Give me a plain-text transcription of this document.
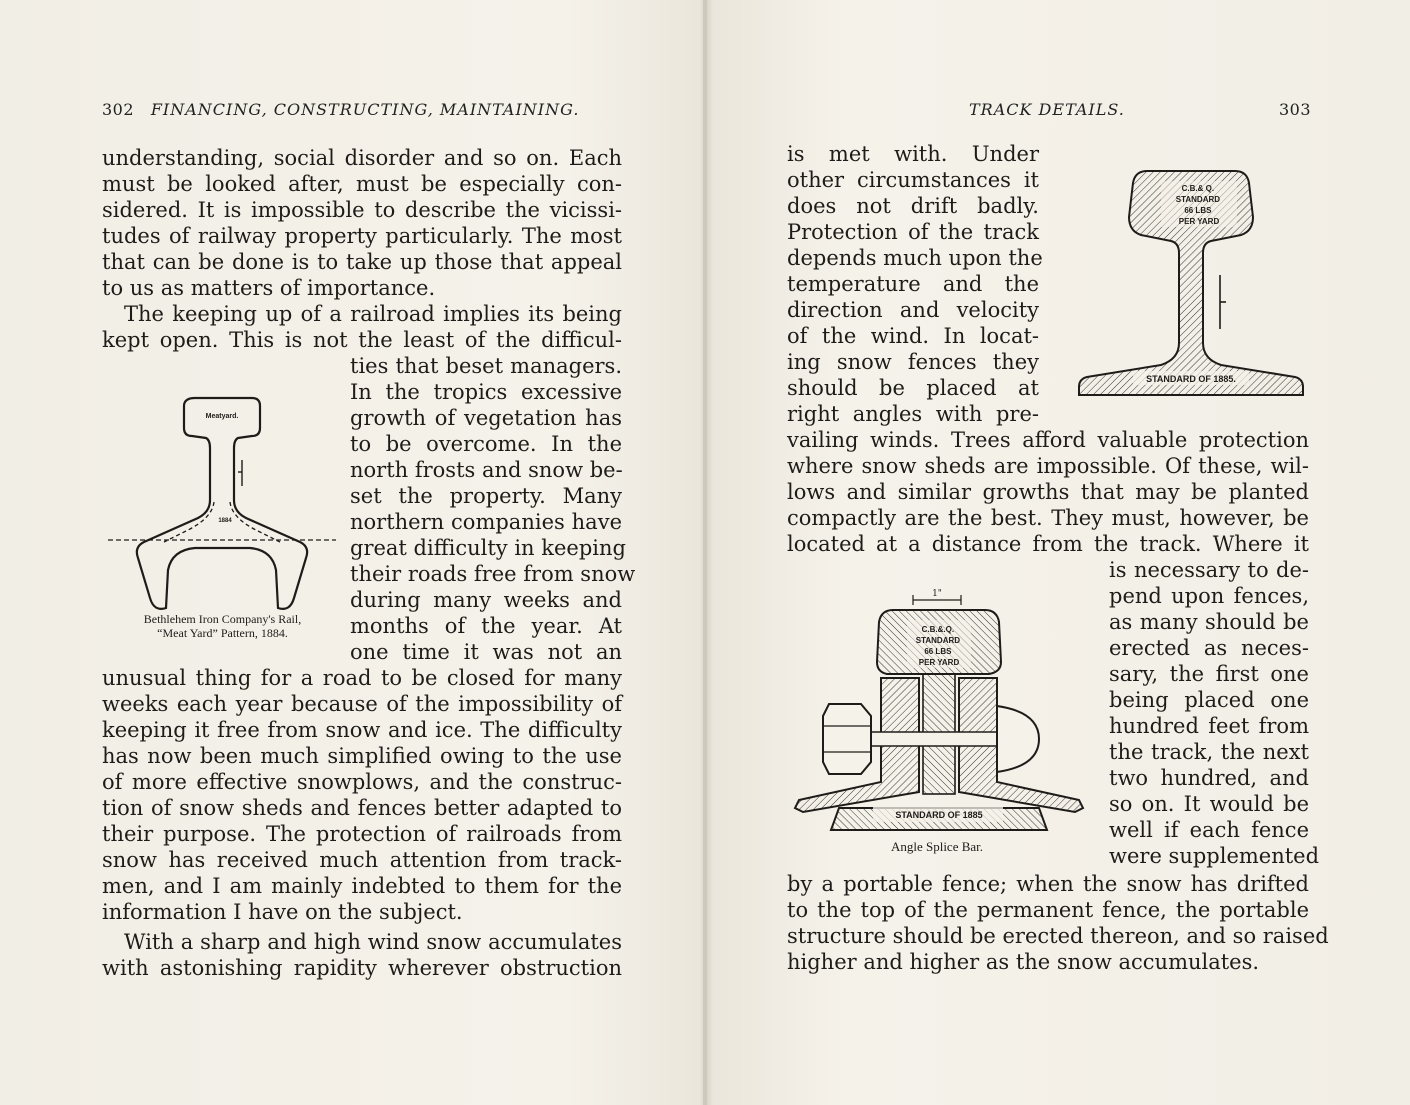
302 FINANCING, CONSTRUCTING, MAINTAINING.
understanding, social disorder and so on. Each
must be looked after, must be especially con-
sidered. It is impossible to describe the vicissi-
tudes of railway property particularly. The most
that can be done is to take up those that appeal
to us as matters of importance.
The keeping up of a railroad implies its being
kept open. This is not the least of the difficul-
ties that beset managers.
In the tropics excessive
growth of vegetation has
to be overcome. In the
north frosts and snow be-
set the property. Many
northern companies have
great difficulty in keeping
their roads free from snow
during many weeks and
months of the year. At
one time it was not an
unusual thing for a road to be closed for many
weeks each year because of the impossibility of
keeping it free from snow and ice. The difficulty
has now been much simplified owing to the use
of more effective snowplows, and the construc-
tion of snow sheds and fences better adapted to
their purpose. The protection of railroads from
snow has received much attention from track-
men, and I am mainly indebted to them for the
information I have on the subject.
With a sharp and high wind snow accumulates
with astonishing rapidity wherever obstruction
Meatyard.
1884
Bethlehem Iron Company's Rail,
“Meat Yard” Pattern, 1884.
TRACK DETAILS.	303
is met with. Under
other circumstances it
does not drift badly.
Protection of the track
depends much upon the
temperature and the
direction and velocity
of the wind. In locat-
ing snow fences they
should be placed at
right angles with pre-
vailing winds. Trees afford valuable protection
where snow sheds are impossible. Of these, wil-
lows and similar growths that may be planted
compactly are the best. They must, however, be
located at a distance from the track. Where it
is necessary to de-
pend upon fences,
as many should be
erected as neces-
sary, the first one
being placed one
hundred feet from
the track, the next
two hundred, and
so on. It would be
well if each fence
were supplemented
by a portable fence; when the snow has drifted
to the top of the permanent fence, the portable
structure should be erected thereon, and so raised
higher and higher as the snow accumulates.
C.B.& Q. STANDARD 66 LBS PER YARD
STANDARD OF 1885.
1"
C.B.&.Q. STANDARD 66 LBS PER YARD
STANDARD OF 1885
Angle Splice Bar.
